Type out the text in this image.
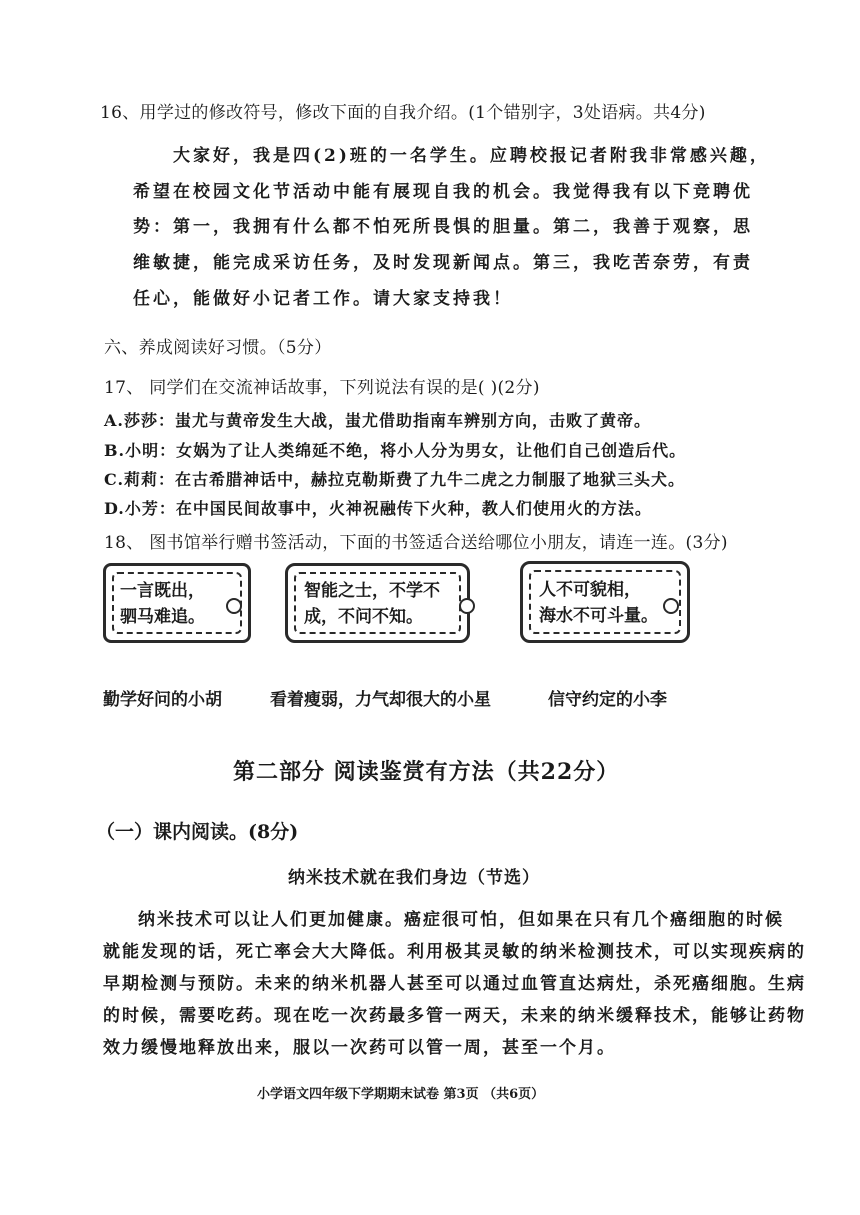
16、用学过的修改符号，修改下面的自我介绍。(1个错别字，3处语病。共4分)
大家好，我是四(2)班的一名学生。应聘校报记者附我非常感兴趣，
希望在校园文化节活动中能有展现自我的机会。我觉得我有以下竞聘优
势：第一，我拥有什么都不怕死所畏惧的胆量。第二，我善于观察，思
维敏捷，能完成采访任务，及时发现新闻点。第三，我吃苦奈劳，有责
任心，能做好小记者工作。请大家支持我！
六、养成阅读好习惯。（5分）
17、 同学们在交流神话故事，下列说法有误的是( )(2分)
A.莎莎：蚩尤与黄帝发生大战，蚩尤借助指南车辨别方向，击败了黄帝。
B.小明：女娲为了让人类绵延不绝，将小人分为男女，让他们自己创造后代。
C.莉莉：在古希腊神话中，赫拉克勒斯费了九牛二虎之力制服了地狱三头犬。
D.小芳：在中国民间故事中，火神祝融传下火种，教人们使用火的方法。
18、 图书馆举行赠书签活动，下面的书签适合送给哪位小朋友，请连一连。(3分)
一言既出，
驷马难追。
智能之士，不学不
成，不问不知。
人不可貌相，
海水不可斗量。
勤学好问的小胡	看着瘦弱，力气却很大的小星	信守约定的小李
第二部分 阅读鉴赏有方法（共22分）
（一）课内阅读。(8分)
纳米技术就在我们身边（节选）
纳米技术可以让人们更加健康。癌症很可怕，但如果在只有几个癌细胞的时候
就能发现的话，死亡率会大大降低。利用极其灵敏的纳米检测技术，可以实现疾病的
早期检测与预防。未来的纳米机器人甚至可以通过血管直达病灶，杀死癌细胞。生病
的时候，需要吃药。现在吃一次药最多管一两天，未来的纳米缓释技术，能够让药物
效力缓慢地释放出来，服以一次药可以管一周，甚至一个月。
小学语文四年级下学期期末试卷 第3页 （共6页）
